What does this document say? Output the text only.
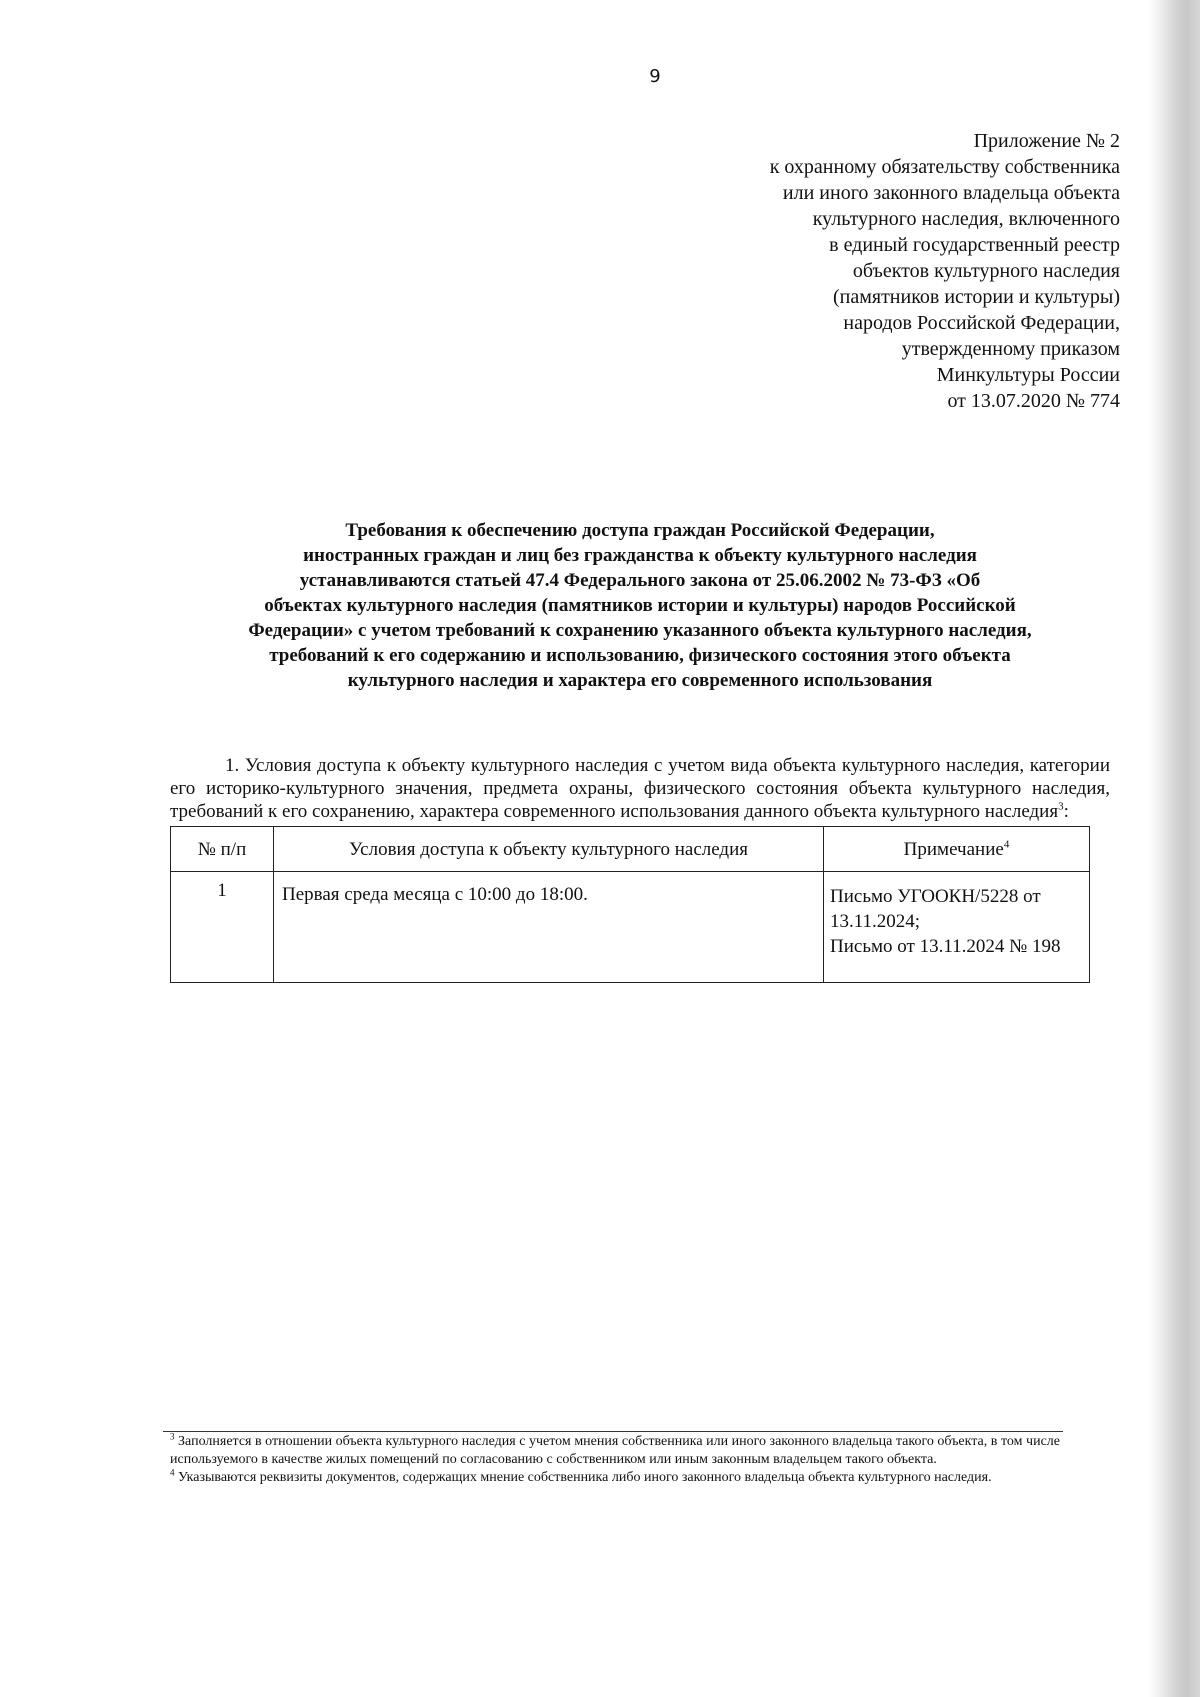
9
Приложение № 2
к охранному обязательству собственника
или иного законного владельца объекта
культурного наследия, включенного
в единый государственный реестр
объектов культурного наследия
(памятников истории и культуры)
народов Российской Федерации,
утвержденному приказом
Минкультуры России
от 13.07.2020 № 774
Требования к обеспечению доступа граждан Российской Федерации,
иностранных граждан и лиц без гражданства к объекту культурного наследия
устанавливаются статьей 47.4 Федерального закона от 25.06.2002 № 73-ФЗ «Об
объектах культурного наследия (памятников истории и культуры) народов Российской
Федерации» с учетом требований к сохранению указанного объекта культурного наследия,
требований к его содержанию и использованию, физического состояния этого объекта
культурного наследия и характера его современного использования

1. Условия доступа к объекту культурного наследия с учетом вида объекта культурного наследия, категории его историко-культурного значения, предмета охраны, физического состояния объекта культурного наследия, требований к его сохранению, характера современного использования данного объекта культурного наследия$^3$:

№ п/п	Условия доступа к объекту культурного наследия	Примечание$^4$
1	Первая среда месяца с 10:00 до 18:00.	Письмо УГООКН/5228 от 13.11.2024;
Письмо от 13.11.2024 № 198

$^3$ Заполняется в отношении объекта культурного наследия с учетом мнения собственника или иного законного владельца такого объекта, в том числе используемого в качестве жилых помещений по согласованию с собственником или иным законным владельцем такого объекта.

$^4$ Указываются реквизиты документов, содержащих мнение собственника либо иного законного владельца объекта культурного наследия.
